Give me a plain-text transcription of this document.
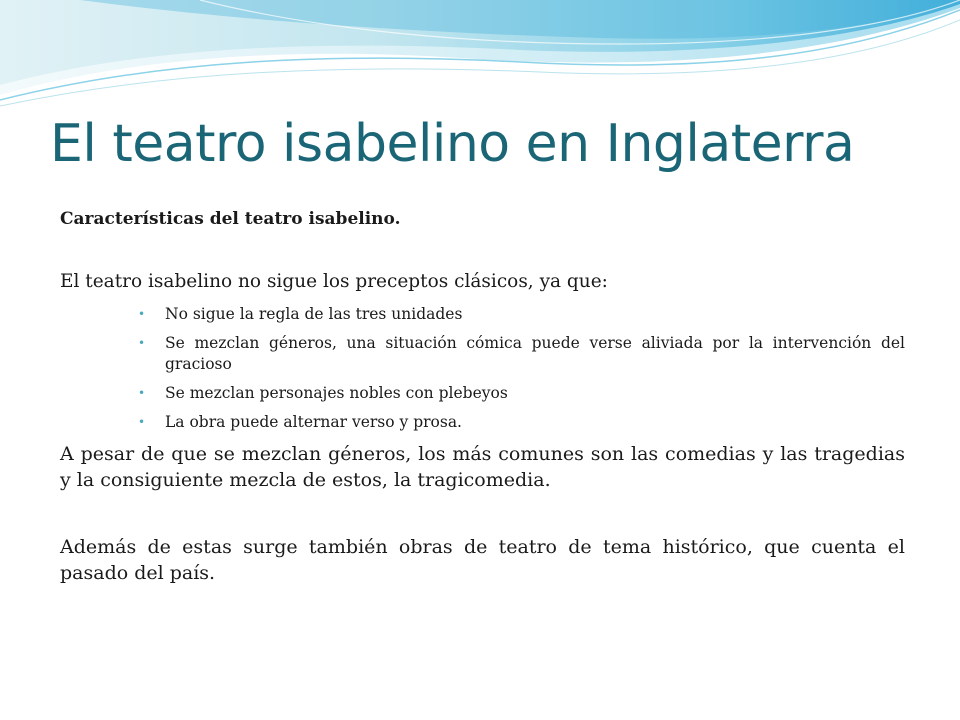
El teatro isabelino en Inglaterra

Características del teatro isabelino.

El teatro isabelino no sigue los preceptos clásicos, ya que:

• No sigue la regla de las tres unidades
• Se mezclan géneros, una situación cómica puede verse aliviada por la intervención del gracioso
• Se mezclan personajes nobles con plebeyos
• La obra puede alternar verso y prosa.

A pesar de que se mezclan géneros, los más comunes son las comedias y las tragedias y la consiguiente mezcla de estos, la tragicomedia.

Además de estas surge también obras de teatro de tema histórico, que cuenta el pasado del país.
